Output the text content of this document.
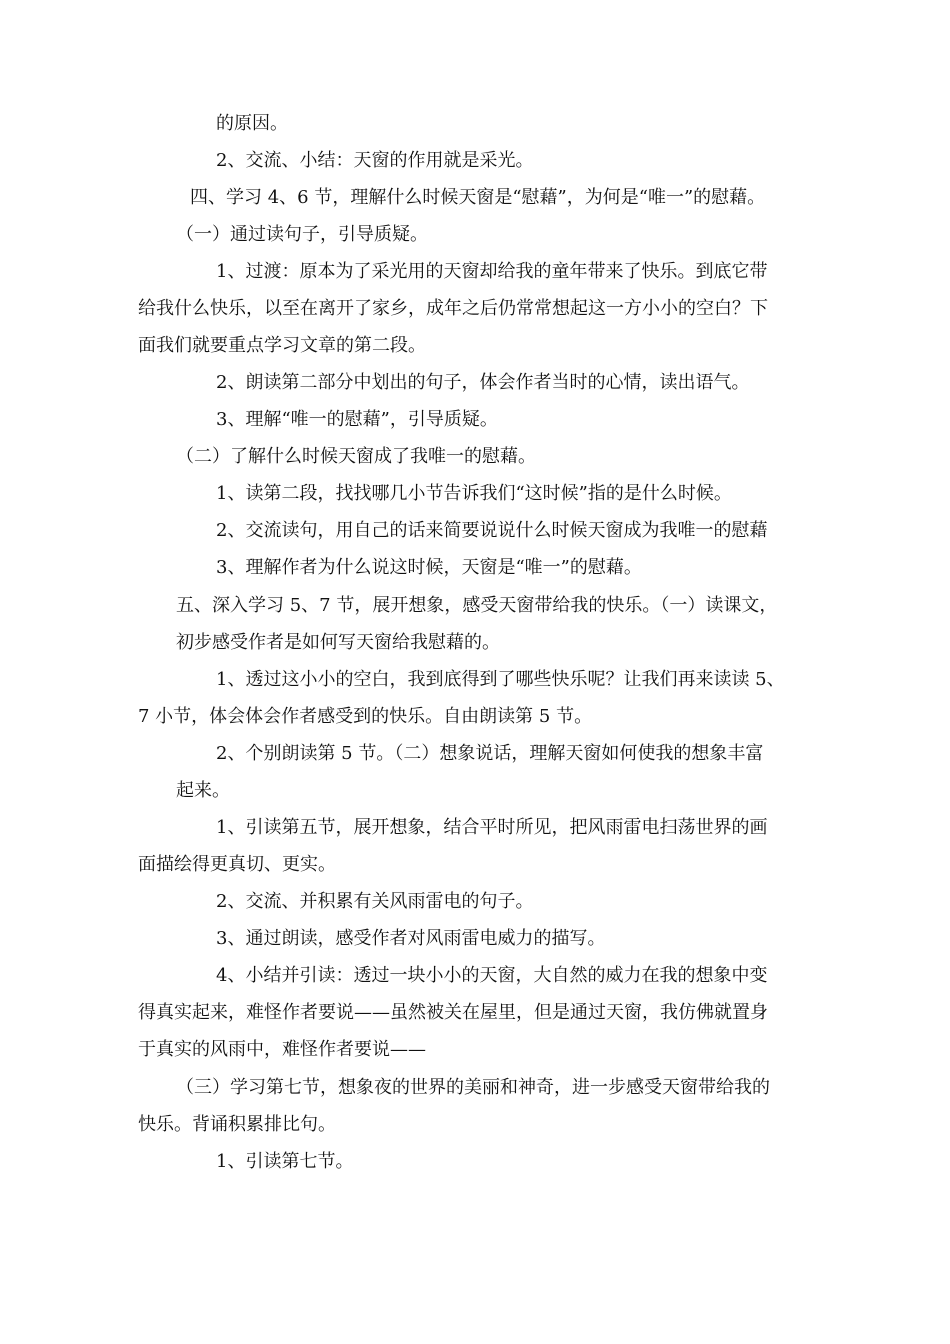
的原因。

2、交流、小结：天窗的作用就是采光。

四、学习 4、6 节，理解什么时候天窗是“慰藉”，为何是“唯一”的慰藉。

（一）通过读句子，引导质疑。

1、过渡：原本为了采光用的天窗却给我的童年带来了快乐。到底它带

给我什么快乐，以至在离开了家乡，成年之后仍常常想起这一方小小的空白？下

面我们就要重点学习文章的第二段。

2、朗读第二部分中划出的句子，体会作者当时的心情，读出语气。

3、理解“唯一的慰藉”，引导质疑。

（二）了解什么时候天窗成了我唯一的慰藉。

1、读第二段，找找哪几小节告诉我们“这时候”指的是什么时候。

2、交流读句，用自己的话来简要说说什么时候天窗成为我唯一的慰藉

3、理解作者为什么说这时候，天窗是“唯一”的慰藉。

五、深入学习 5、7 节，展开想象，感受天窗带给我的快乐。（一）读课文，

初步感受作者是如何写天窗给我慰藉的。

1、透过这小小的空白，我到底得到了哪些快乐呢？让我们再来读读 5、

7 小节，体会体会作者感受到的快乐。自由朗读第 5 节。

2、个别朗读第 5 节。（二）想象说话，理解天窗如何使我的想象丰富

起来。

1、引读第五节，展开想象，结合平时所见，把风雨雷电扫荡世界的画

面描绘得更真切、更实。

2、交流、并积累有关风雨雷电的句子。

3、通过朗读，感受作者对风雨雷电威力的描写。

4、小结并引读：透过一块小小的天窗，大自然的威力在我的想象中变

得真实起来，难怪作者要说——虽然被关在屋里，但是通过天窗，我仿佛就置身

于真实的风雨中，难怪作者要说——

（三）学习第七节，想象夜的世界的美丽和神奇，进一步感受天窗带给我的

快乐。背诵积累排比句。

1、引读第七节。
